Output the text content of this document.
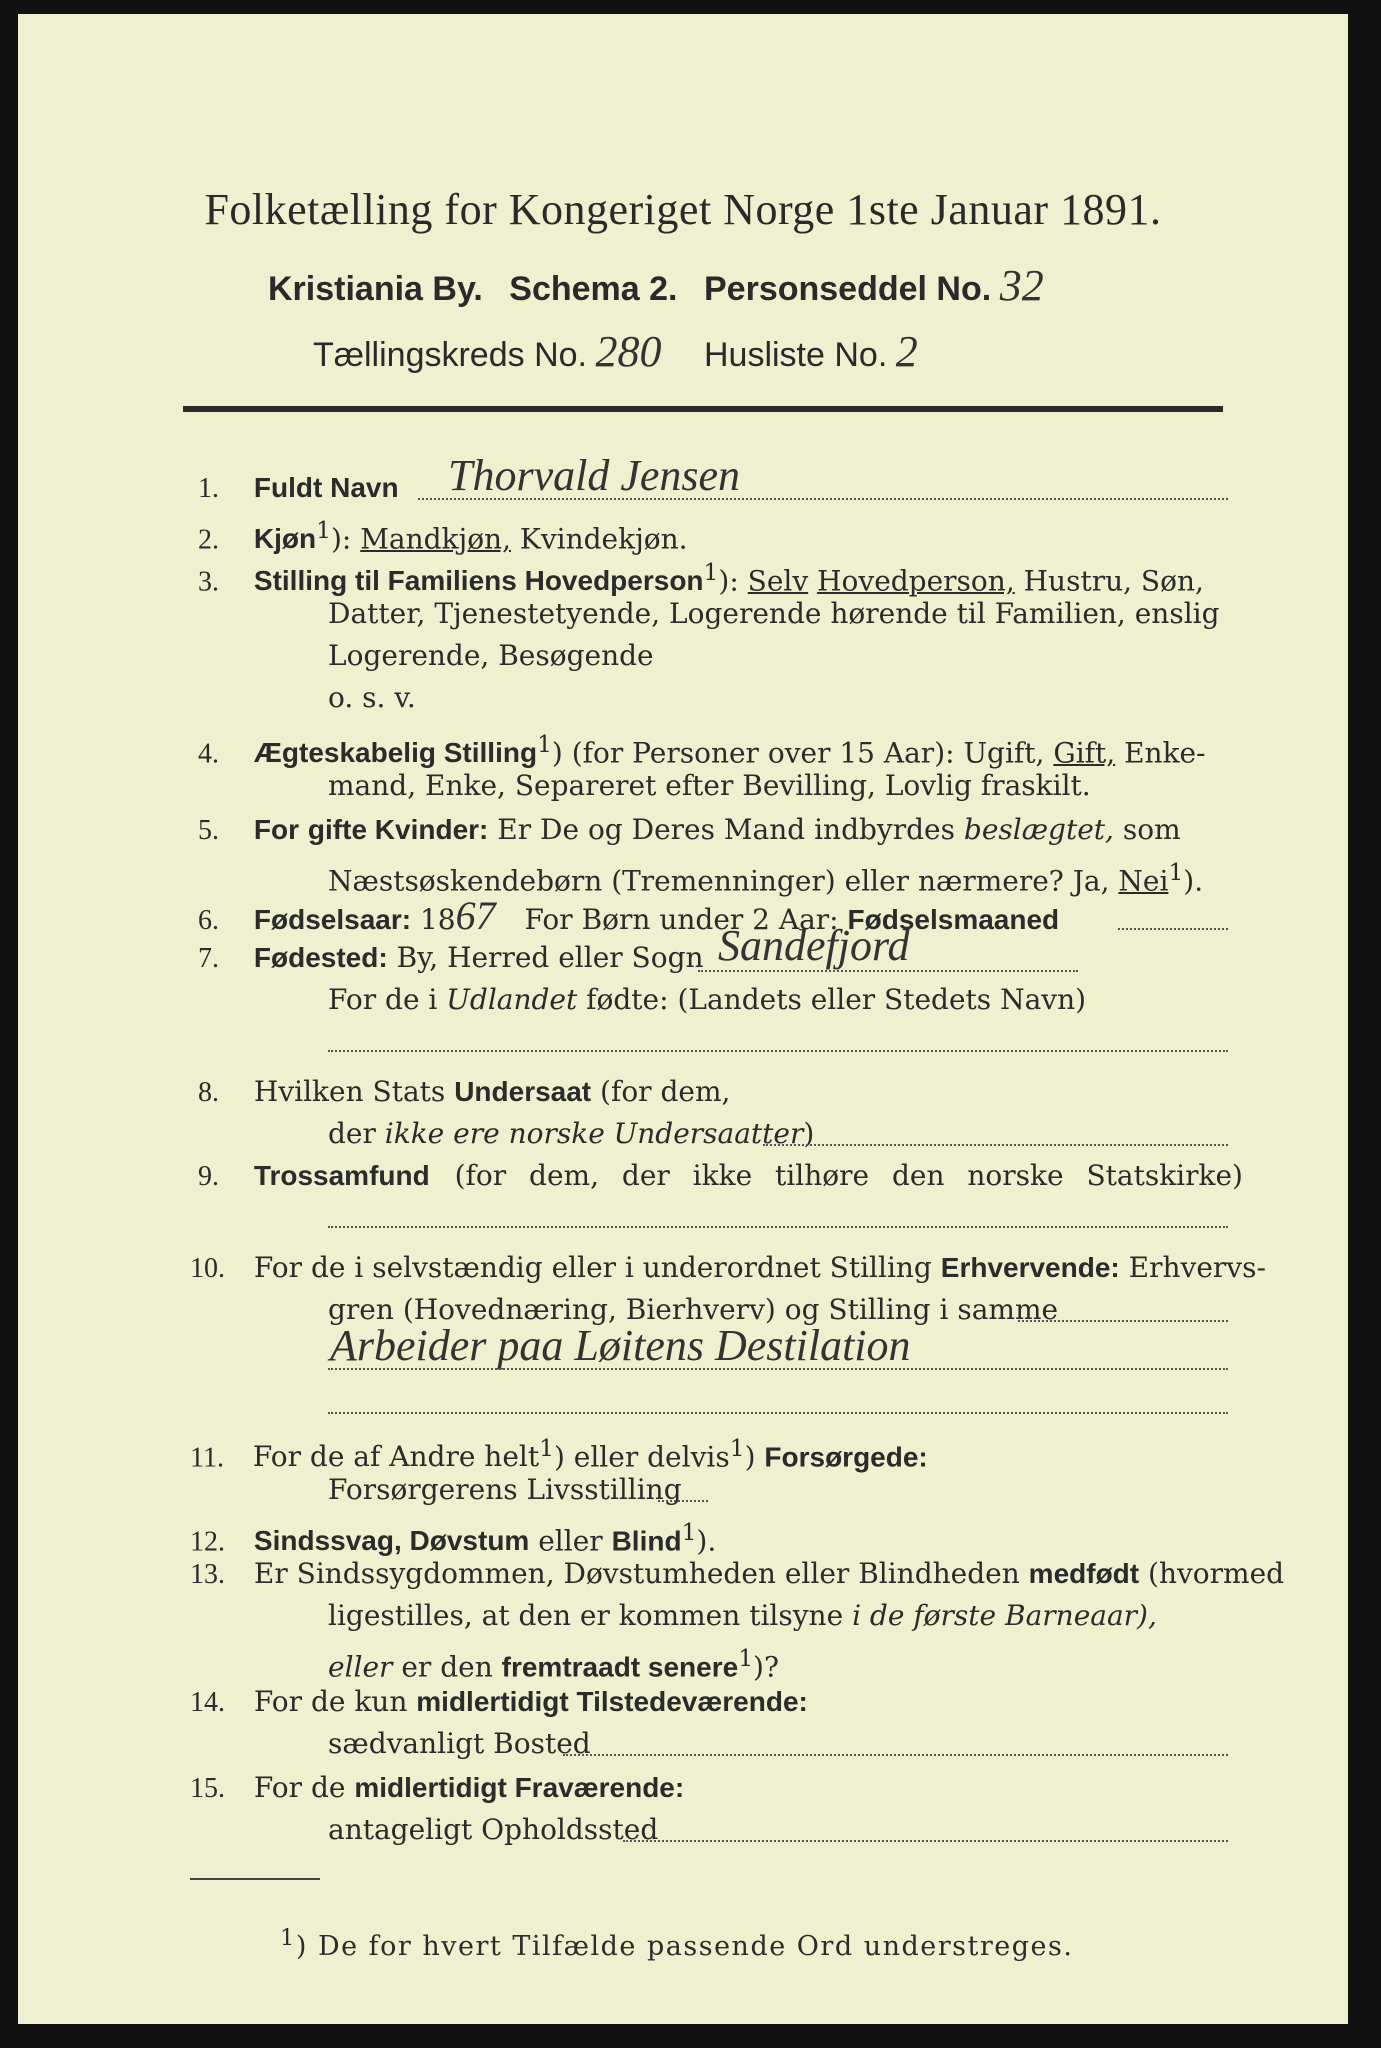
Folketælling for Kongeriget Norge 1ste Januar 1891.
Kristiania By. Schema 2. Personseddel No. 32
Tællingskreds No. 280 Husliste No. 2
1. Fuldt Navn Thorvald Jensen
2. Kjøn$^1$): Mandkjøn, Kvindekjøn.
3. Stilling til Familiens Hovedperson$^1$): Selv Hovedperson, Hustru, Søn,
Datter, Tjenestetyende, Logerende hørende til Familien, enslig
Logerende, Besøgende
o. s. v.
4. Ægteskabelig Stilling$^1$) (for Personer over 15 Aar): Ugift, Gift, Enke-
mand, Enke, Separeret efter Bevilling, Lovlig fraskilt.
5. For gifte Kvinder: Er De og Deres Mand indbyrdes beslægtet, som
Næstsøskendebørn (Tremenninger) eller nærmere? Ja, Nei$^1$).
6. Fødselsaar: 1867 For Børn under 2 Aar: Fødselsmaaned
7. Fødested: By, Herred eller Sogn Sandefjord
For de i Udlandet fødte: (Landets eller Stedets Navn)
8. Hvilken Stats Undersaat (for dem,
der ikke ere norske Undersaatter)
9. Trossamfund (for dem, der ikke tilhøre den norske Statskirke)
10. For de i selvstændig eller i underordnet Stilling Erhvervende: Erhvervs-
gren (Hovednæring, Bierhverv) og Stilling i samme
Arbeider paa Løitens Destilation
11. For de af Andre helt$^1$) eller delvis$^1$) Forsørgede:
Forsørgerens Livsstilling
12. Sindssvag, Døvstum eller Blind$^1$).
13. Er Sindssygdommen, Døvstumheden eller Blindheden medfødt (hvormed
ligestilles, at den er kommen tilsyne i de første Barneaar),
eller er den fremtraadt senere$^1$)?
14. For de kun midlertidigt Tilstedeværende:
sædvanligt Bosted
15. For de midlertidigt Fraværende:
antageligt Opholdssted
$^1$) De for hvert Tilfælde passende Ord understreges.
